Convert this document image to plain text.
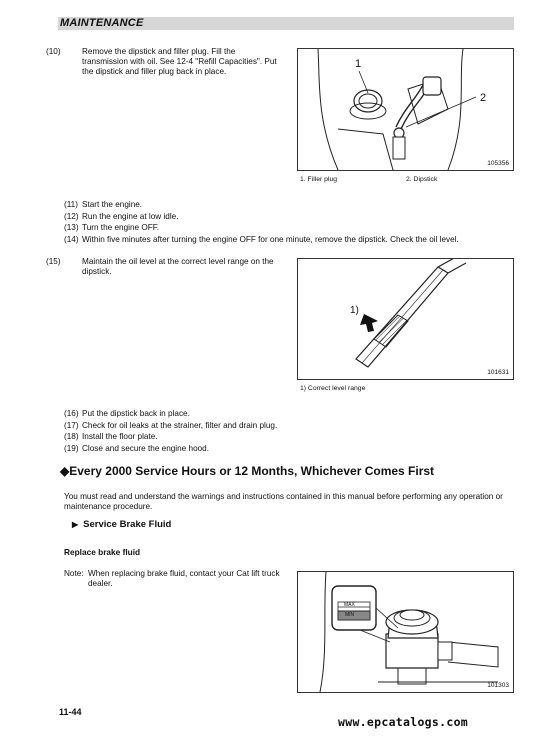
MAINTENANCE
(10)	Remove the dipstick and filler plug. Fill the transmission with oil. See 12-4 "Refill Capacities". Put the dipstick and filler plug back in place.
1
2
105356
1. Filler plug	2. Dipstick
(11) Start the engine.
(12) Run the engine at low idle.
(13) Turn the engine OFF.
(14) Within five minutes after turning the engine OFF for one minute, remove the dipstick. Check the oil level.
(15)	Maintain the oil level at the correct level range on the dipstick.
1)
101631
1) Correct level range
(16) Put the dipstick back in place.
(17) Check for oil leaks at the strainer, filter and drain plug.
(18) Install the floor plate.
(19) Close and secure the engine hood.
◆Every 2000 Service Hours or 12 Months, Whichever Comes First
You must read and understand the warnings and instructions contained in this manual before performing any operation or maintenance procedure.
▶ Service Brake Fluid
Replace brake fluid
Note: When replacing brake fluid, contact your Cat lift truck dealer.
MAX
MIN
101303
11-44
www.epcatalogs.com
